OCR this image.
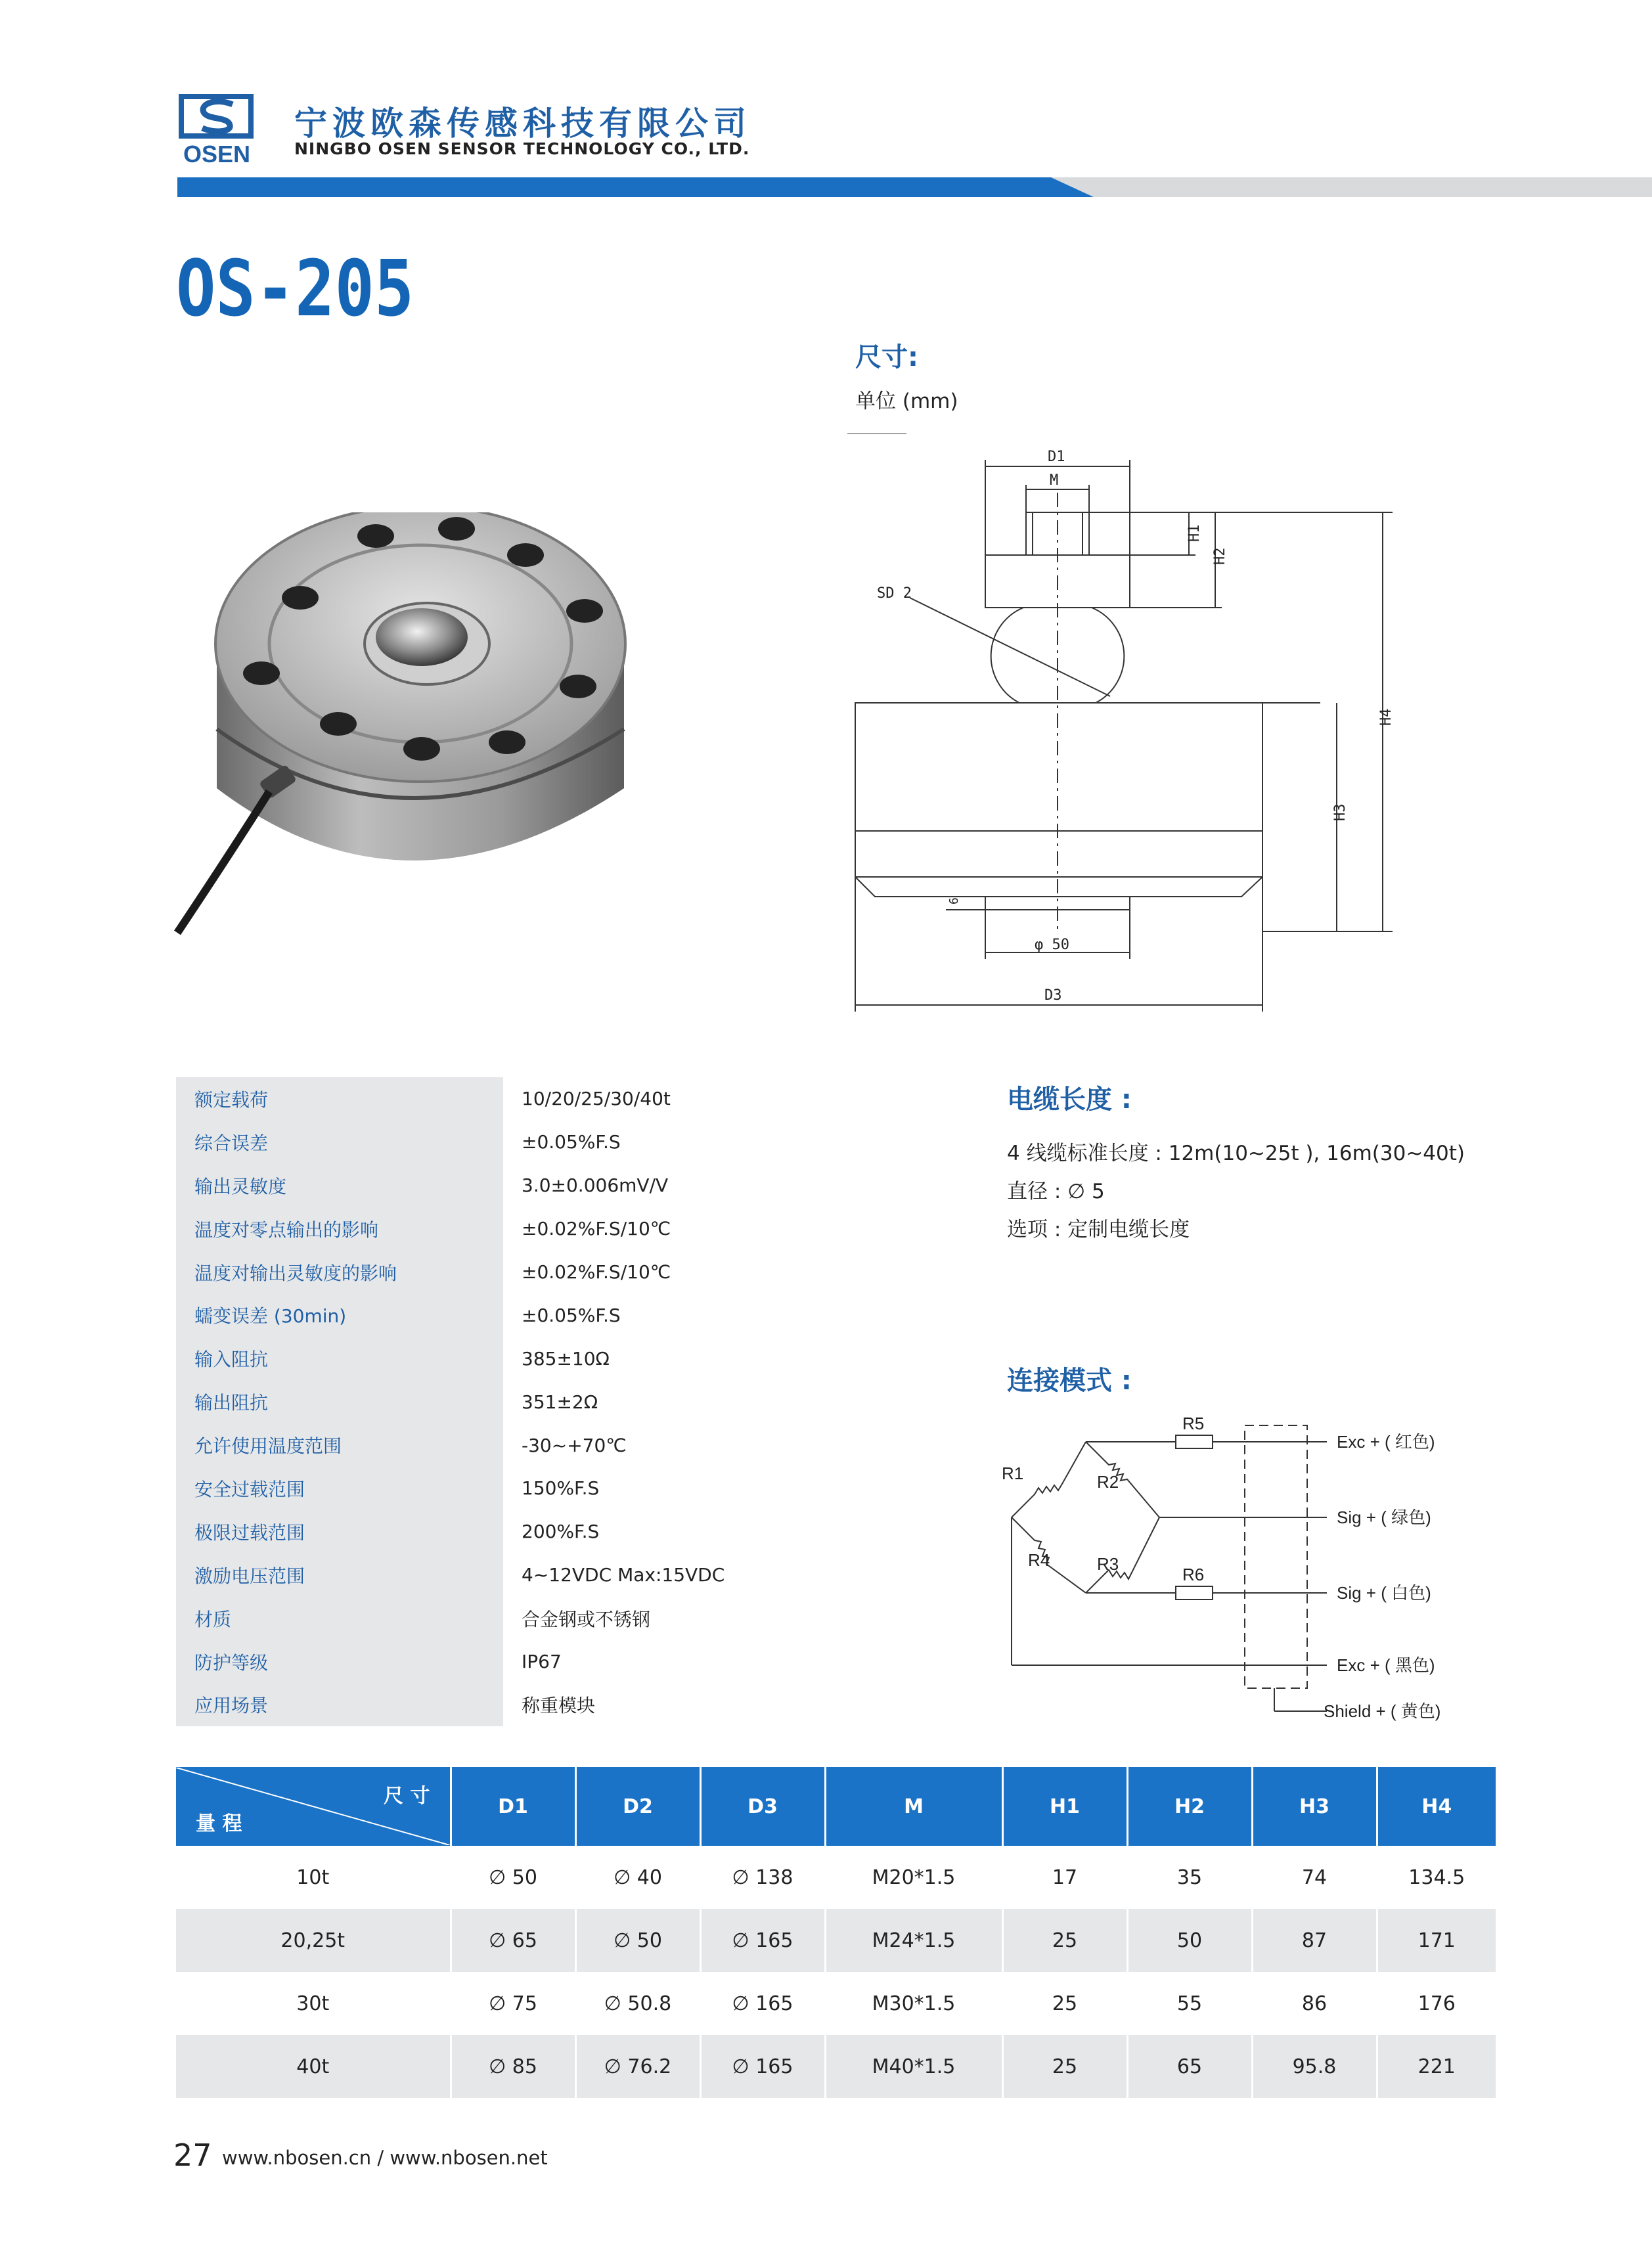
OSEN
宁波欧森传感科技有限公司
NINGBO OSEN SENSOR TECHNOLOGY CO., LTD.
OS-205
尺寸:
单位 (mm)
D1
M
H1
H2
SD 2
H3
H4
6
φ 50
D3
额定载荷	10/20/25/30/40t
综合误差	±0.05%F.S
输出灵敏度	3.0±0.006mV/V
温度对零点输出的影响	±0.02%F.S/10℃
温度对输出灵敏度的影响	±0.02%F.S/10℃
蠕变误差 (30min)	±0.05%F.S
输入阻抗	385±10Ω
输出阻抗	351±2Ω
允许使用温度范围	-30~+70℃
安全过载范围	150%F.S
极限过载范围	200%F.S
激励电压范围	4~12VDC Max:15VDC
材质	合金钢或不锈钢
防护等级	IP67
应用场景	称重模块
电缆长度 :
4 线缆标准长度 : 12m(10~25t ), 16m(30~40t)
直径 : ∅ 5
选项 : 定制电缆长度
连接模式 :
R1	R2
R3
R4
R5
R6
Exc + ( 红色)
Sig + ( 绿色)
Sig + ( 白色)
Exc + ( 黑色)
Shield + ( 黄色)
尺 寸
量 程	D1	D2	D3	M	H1	H2	H3	H4
10t	∅ 50	∅ 40	∅ 138	M20*1.5	17	35	74	134.5
20,25t	∅ 65	∅ 50	∅ 165	M24*1.5	25	50	87	171
30t	∅ 75	∅ 50.8	∅ 165	M30*1.5	25	55	86	176
40t	∅ 85	∅ 76.2	∅ 165	M40*1.5	25	65	95.8	221
27 www.nbosen.cn / www.nbosen.net
